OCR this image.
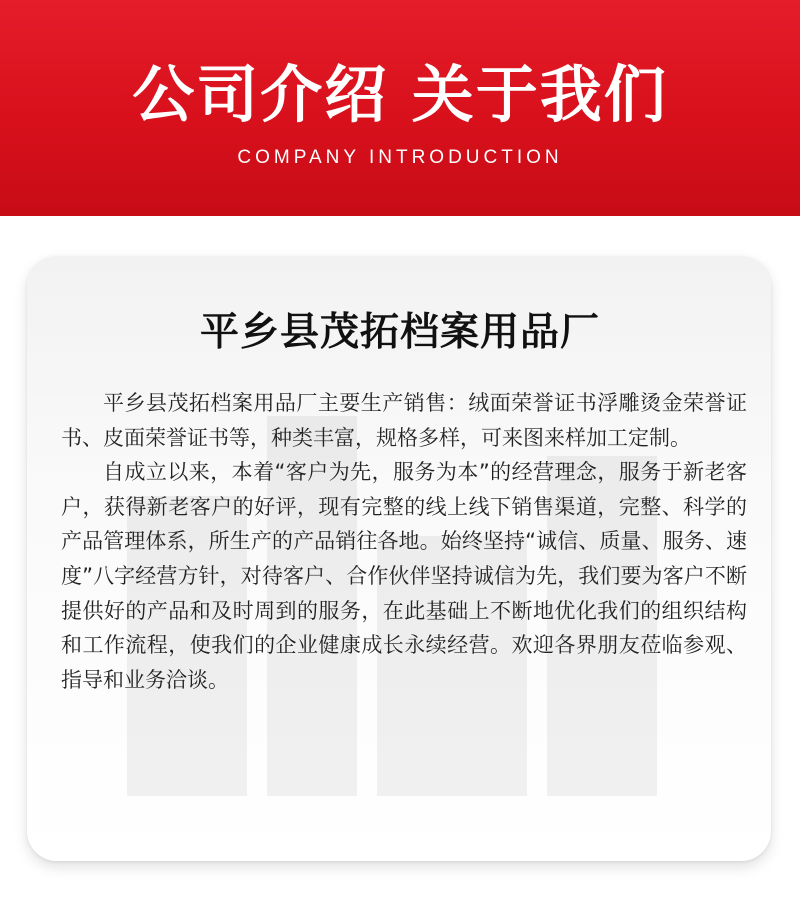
公司介绍 关于我们
COMPANY INTRODUCTION
平乡县茂拓档案用品厂

平乡县茂拓档案用品厂主要生产销售：绒面荣誉证书浮雕烫金荣誉证书、皮面荣誉证书等，种类丰富，规格多样，可来图来样加工定制。

自成立以来，本着“客户为先，服务为本”的经营理念，服务于新老客户，获得新老客户的好评，现有完整的线上线下销售渠道，完整、科学的产品管理体系，所生产的产品销往各地。始终坚持“诚信、质量、服务、速度”八字经营方针，对待客户、合作伙伴坚持诚信为先，我们要为客户不断提供好的产品和及时周到的服务，在此基础上不断地优化我们的组织结构和工作流程，使我们的企业健康成长永续经营。欢迎各界朋友莅临参观、指导和业务洽谈。
